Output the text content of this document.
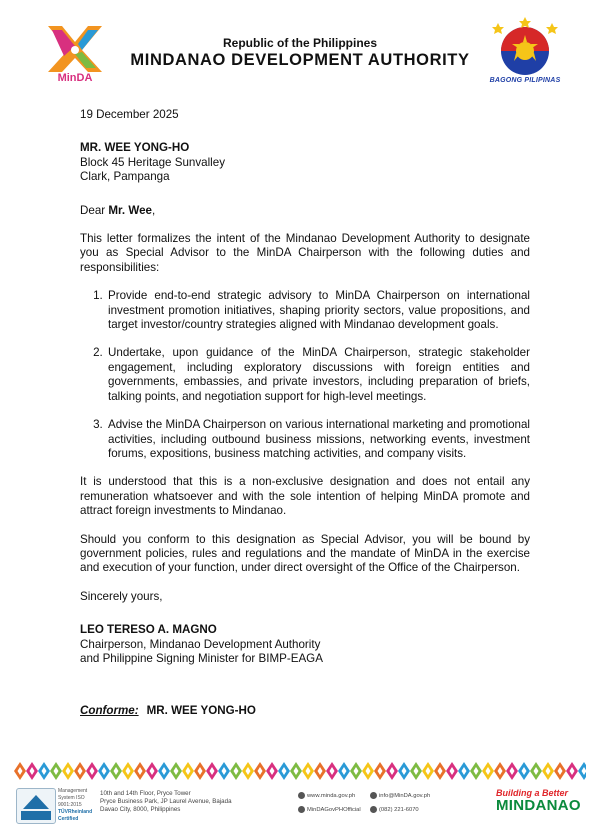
MinDA
Republic of the Philippines
MINDANAO DEVELOPMENT AUTHORITY
BAGONG PILIPINAS
19 December 2025
MR. WEE YONG-HO
Block 45 Heritage Sunvalley
Clark, Pampanga
Dear Mr. Wee,

This letter formalizes the intent of the Mindanao Development Authority to designate you as Special Advisor to the MinDA Chairperson with the following duties and responsibilities:

1. Provide end-to-end strategic advisory to MinDA Chairperson on international investment promotion initiatives, shaping priority sectors, value propositions, and target investor/country strategies aligned with Mindanao development goals.
2. Undertake, upon guidance of the MinDA Chairperson, strategic stakeholder engagement, including exploratory discussions with foreign entities and governments, embassies, and private investors, including preparation of briefs, talking points, and negotiation support for high-level meetings.
3. Advise the MinDA Chairperson on various international marketing and promotional activities, including outbound business missions, networking events, investment forums, expositions, business matching activities, and company visits.

It is understood that this is a non-exclusive designation and does not entail any remuneration whatsoever and with the sole intention of helping MinDA promote and attract foreign investments to Mindanao.

Should you conform to this designation as Special Advisor, you will be bound by government policies, rules and regulations and the mandate of MinDA in the exercise and execution of your function, under direct oversight of the Office of the Chairperson.

Sincerely yours,
LEO TERESO A. MAGNO
Chairperson, Mindanao Development Authority
and Philippine Signing Minister for BIMP-EAGA
Conforme: MR. WEE YONG-HO
Management System ISO 9001:2015
TÜVRheinland Certified
10th and 14th Floor, Pryce Tower
Pryce Business Park, JP Laurel Avenue, Bajada
Davao City, 8000, Philippines
www.minda.gov.ph	info@MinDA.gov.ph
MinDAGovPHOfficial	(082) 221-6070
Building a Better
MINDANAO
